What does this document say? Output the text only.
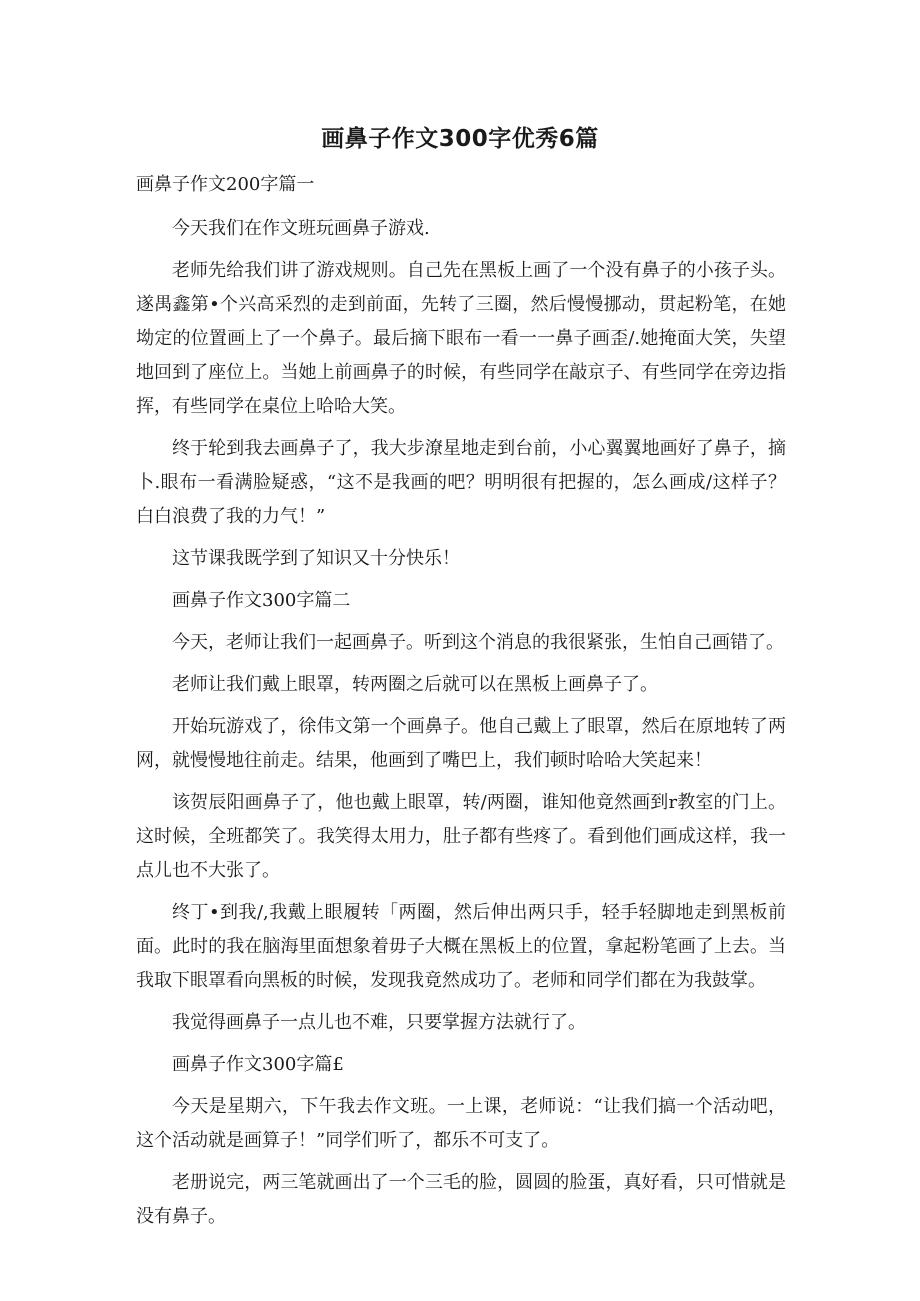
画鼻子作文300字优秀6篇

画鼻子作文200字篇一

今天我们在作文班玩画鼻子游戏.

老师先给我们讲了游戏规则。自己先在黑板上画了一个没有鼻子的小孩子头。遂禺鑫第•个兴高采烈的走到前面，先转了三圈，然后慢慢挪动，贯起粉笔，在她坳定的位置画上了一个鼻子。最后摘下眼布一看一一鼻子画歪/.她掩面大笑，失望地回到了座位上。当她上前画鼻子的时候，有些同学在敲京子、有些同学在旁边指挥，有些同学在桌位上哈哈大笑。

终于轮到我去画鼻子了，我大步潦星地走到台前，小心翼翼地画好了鼻子，摘卜.眼布一看满脸疑惑，“这不是我画的吧？明明很有把握的，怎么画成/这样子？白白浪费了我的力气！”

这节课我既学到了知识又十分快乐！

画鼻子作文300字篇二

今天，老师让我们一起画鼻子。听到这个消息的我很紧张，生怕自己画错了。

老师让我们戴上眼罩，转两圈之后就可以在黑板上画鼻子了。

开始玩游戏了，徐伟文第一个画鼻子。他自己戴上了眼罩，然后在原地转了两网，就慢慢地往前走。结果，他画到了嘴巴上，我们顿时哈哈大笑起来！

该贺辰阳画鼻子了，他也戴上眼罩，转/两圈，谁知他竟然画到r教室的门上。这时候，全班都笑了。我笑得太用力，肚子都有些疼了。看到他们画成这样，我一点儿也不大张了。

终丁•到我/,我戴上眼履转「两圈，然后伸出两只手，轻手轻脚地走到黑板前面。此时的我在脑海里面想象着毋子大概在黑板上的位置，拿起粉笔画了上去。当我取下眼罩看向黑板的时候，发现我竟然成功了。老师和同学们都在为我鼓掌。

我觉得画鼻子一点儿也不难，只要掌握方法就行了。

画鼻子作文300字篇£

今天是星期六，下午我去作文班。一上课，老师说：“让我们搞一个活动吧，这个活动就是画算子！”同学们听了，都乐不可支了。

老册说完，两三笔就画出了一个三毛的脸，圆圆的脸蛋，真好看，只可惜就是没有鼻子。
